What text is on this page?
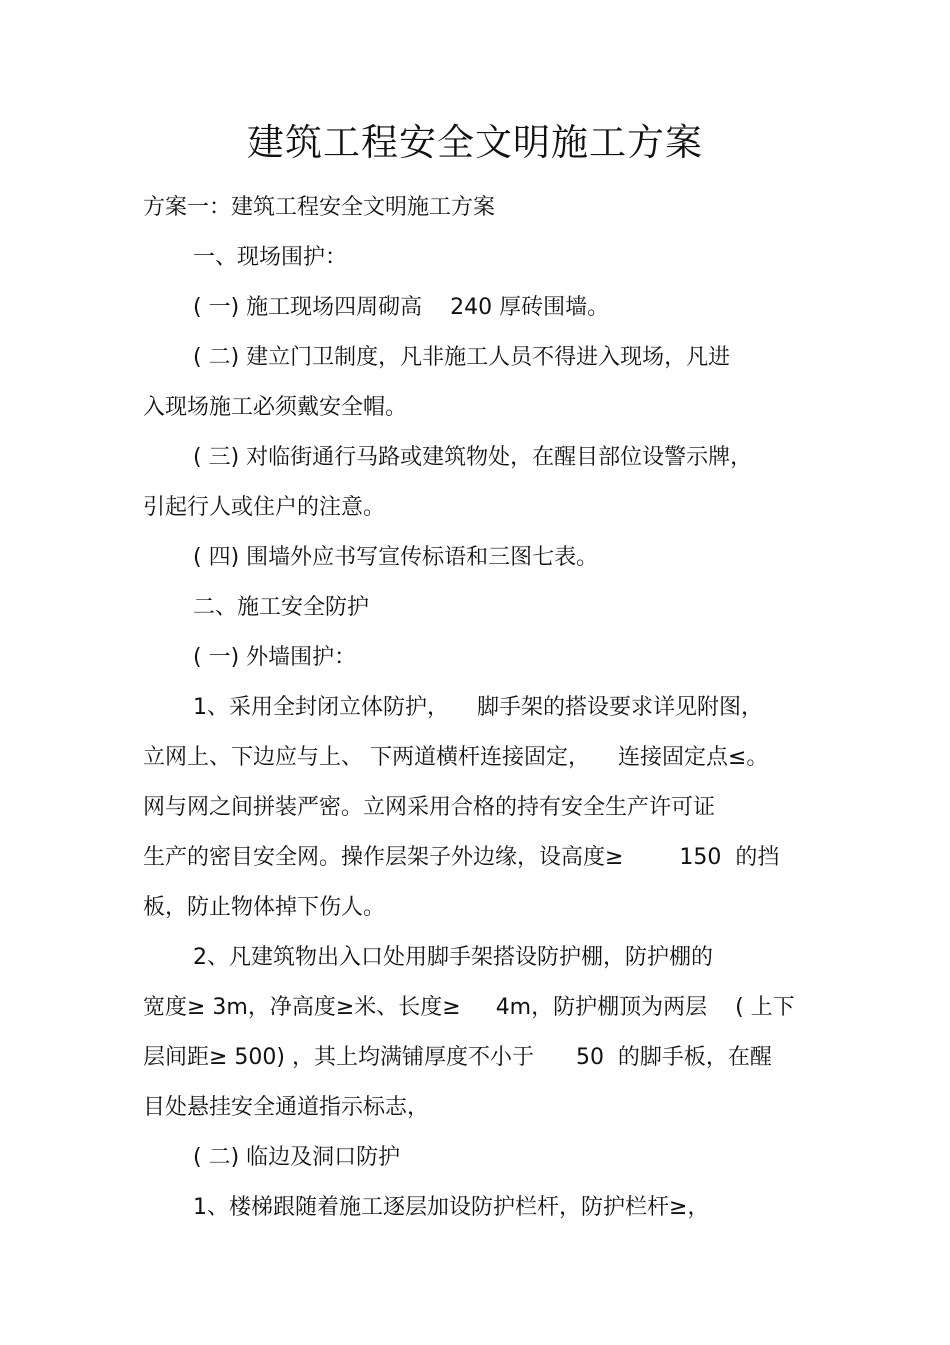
建筑工程安全文明施工方案

方案一：建筑工程安全文明施工方案

一、现场围护：

( 一) 施工现场四周砌高    240 厚砖围墙。

( 二) 建立门卫制度，凡非施工人员不得进入现场，凡进

入现场施工必须戴安全帽。

( 三) 对临街通行马路或建筑物处，在醒目部位设警示牌，

引起行人或住户的注意。

( 四) 围墙外应书写宣传标语和三图七表。

二、施工安全防护

( 一) 外墙围护：

1、采用全封闭立体防护，    脚手架的搭设要求详见附图，

立网上、下边应与上、 下两道横杆连接固定，    连接固定点≤。

网与网之间拼装严密。立网采用合格的持有安全生产许可证

生产的密目安全网。操作层架子外边缘，设高度≥        150  的挡

板，防止物体掉下伤人。

2、凡建筑物出入口处用脚手架搭设防护棚，防护棚的

宽度≥ 3m，净高度≥米、长度≥     4m，防护棚顶为两层    ( 上下

层间距≥ 500) ，其上均满铺厚度不小于      50  的脚手板，在醒

目处悬挂安全通道指示标志，

( 二) 临边及洞口防护

1、楼梯跟随着施工逐层加设防护栏杆，防护栏杆≥，
